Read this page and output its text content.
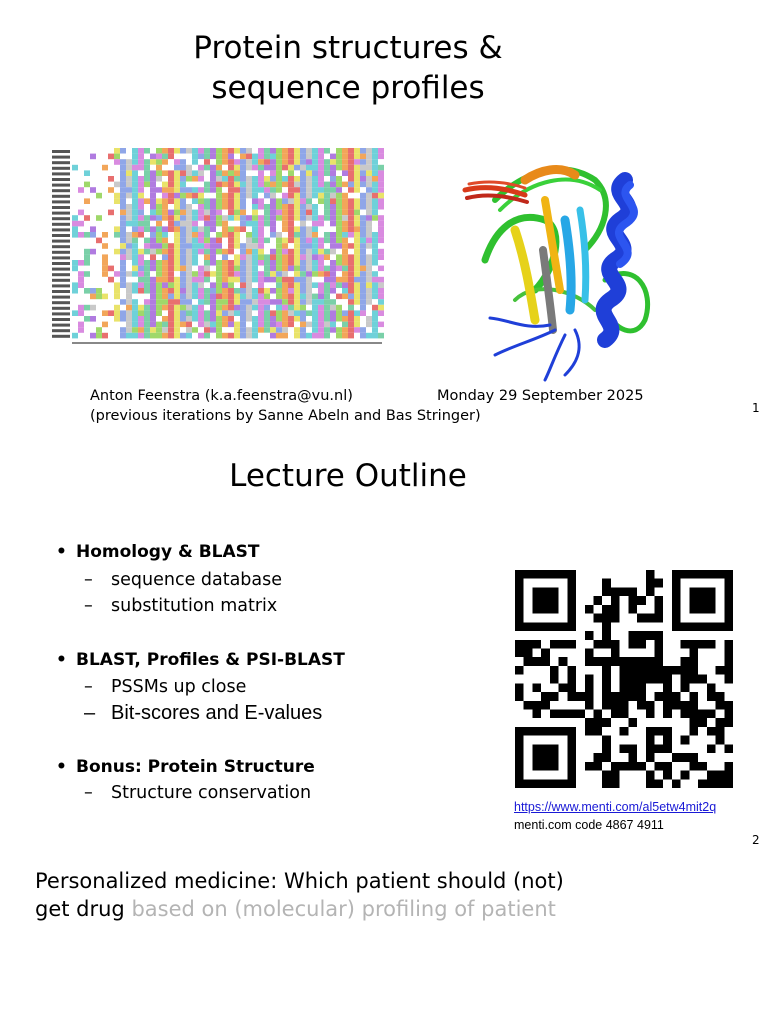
Protein structures &
sequence profiles
Anton Feenstra (k.a.feenstra@vu.nl)
(previous iterations by Sanne Abeln and Bas Stringer)
Monday 29 September 2025
1
Lecture Outline
• Homology & BLAST
– sequence database
– substitution matrix
• BLAST, Profiles & PSI-BLAST
– PSSMs up close
– Bit-scores and E-values
• Bonus: Protein Structure
– Structure conservation
https://www.menti.com/al5etw4mit2q
menti.com code 4867 4911
2
Personalized medicine: Which patient should (not)
get drug based on (molecular) profiling of patient
